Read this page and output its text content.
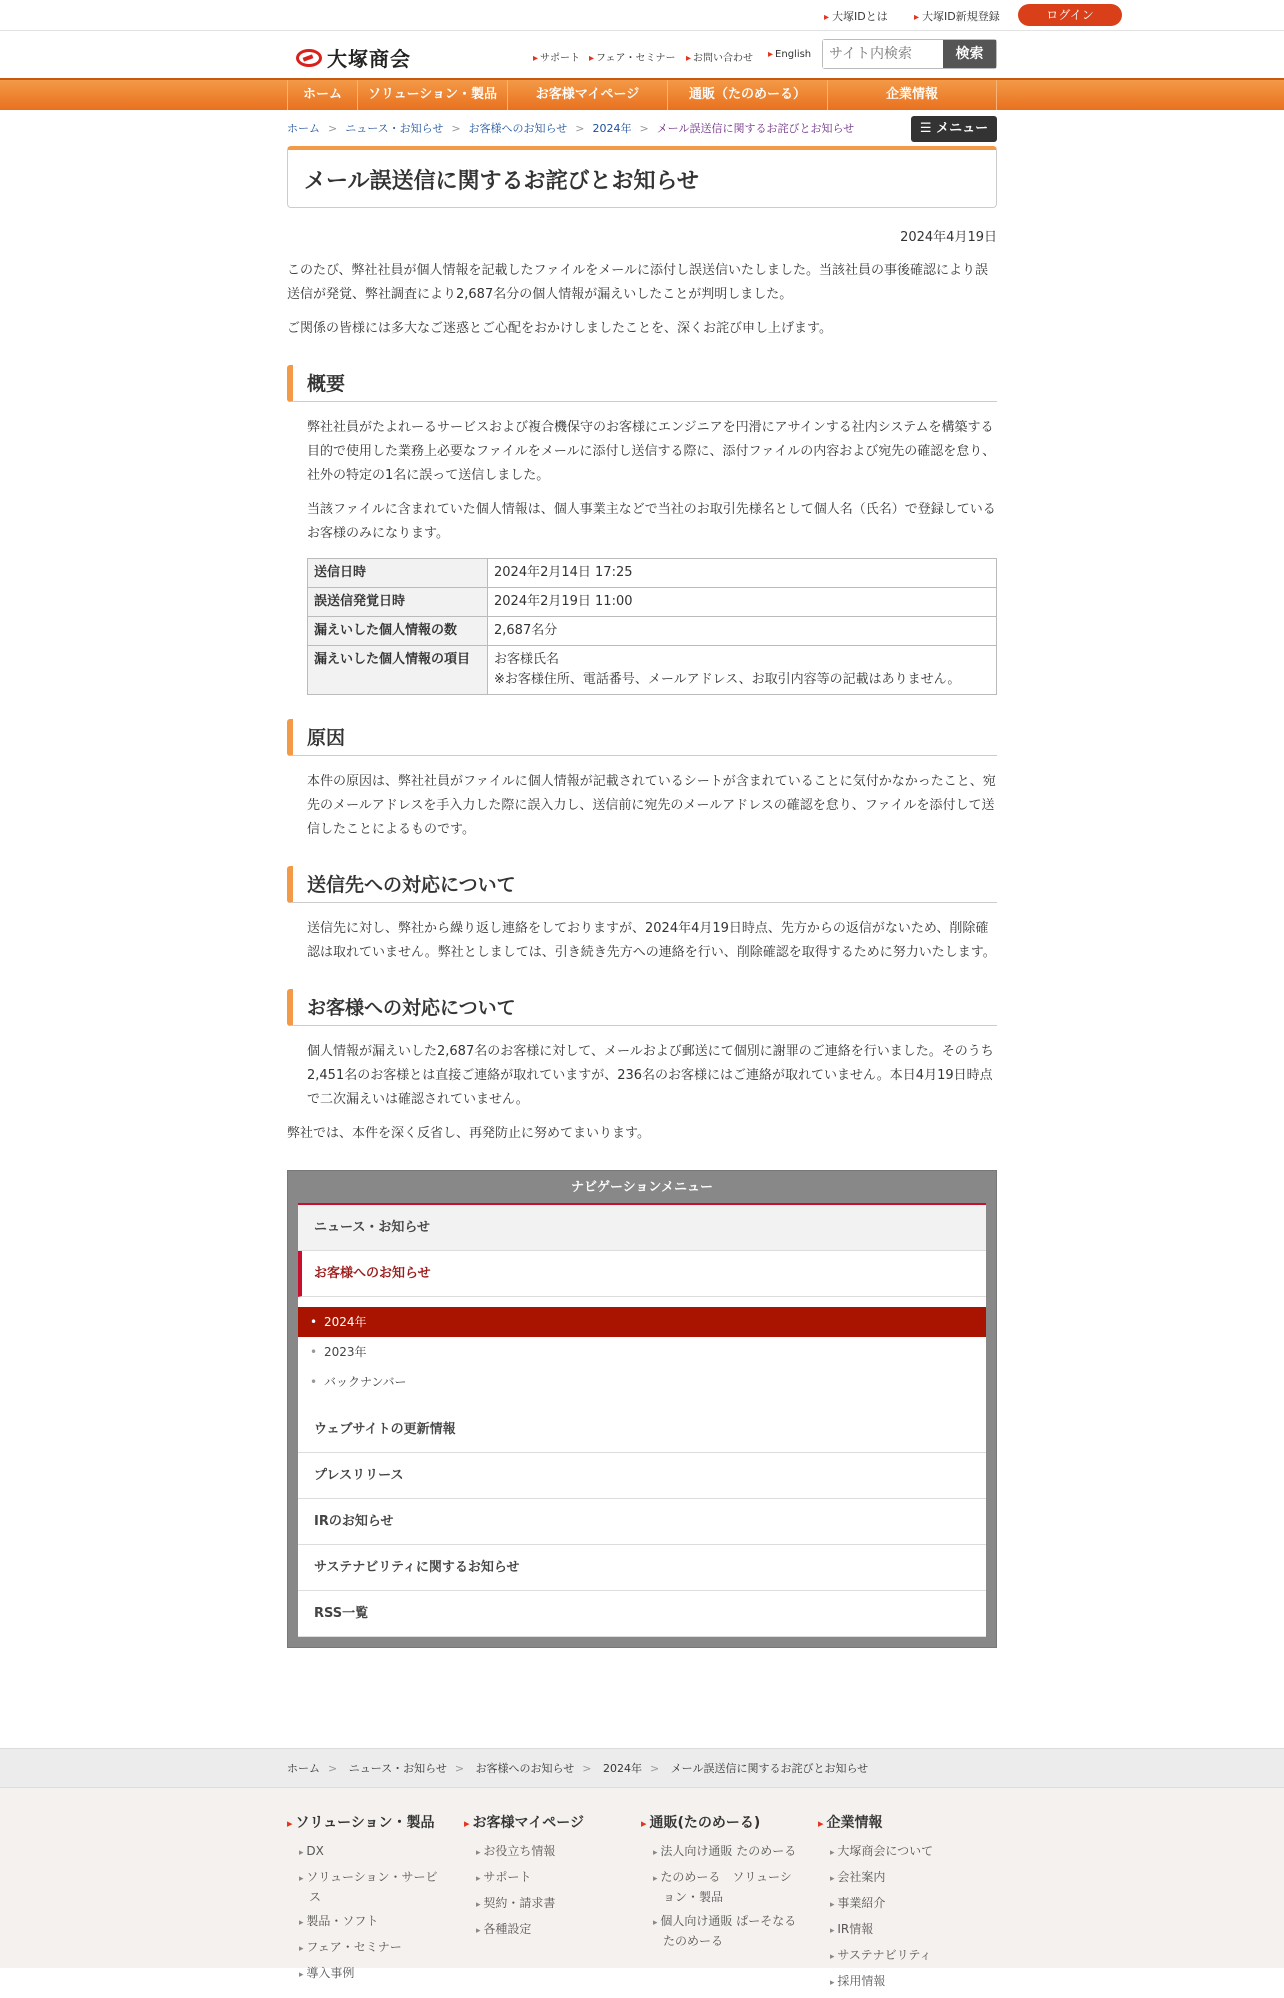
▸ 大塚IDとは	▸ 大塚ID新規登録	ログイン
大塚商会	▸ サポート	▸ フェア・セミナー	▸ お問い合わせ	▸ English
サイト内検索	検索
ホーム	ソリューション・製品	お客様マイページ	通販（たのめーる）	企業情報
ホーム > ニュース・お知らせ > お客様へのお知らせ > 2024年 > メール誤送信に関するお詫びとお知らせ	☰ メニュー
メール誤送信に関するお詫びとお知らせ
2024年4月19日

このたび、弊社社員が個人情報を記載したファイルをメールに添付し誤送信いたしました。当該社員の事後確認により誤送信が発覚、弊社調査により2,687名分の個人情報が漏えいしたことが判明しました。

ご関係の皆様には多大なご迷惑とご心配をおかけしましたことを、深くお詫び申し上げます。

概要

弊社社員がたよれーるサービスおよび複合機保守のお客様にエンジニアを円滑にアサインする社内システムを構築する目的で使用した業務上必要なファイルをメールに添付し送信する際に、添付ファイルの内容および宛先の確認を怠り、社外の特定の1名に誤って送信しました。

当該ファイルに含まれていた個人情報は、個人事業主などで当社のお取引先様名として個人名（氏名）で登録しているお客様のみになります。

送信日時	2024年2月14日 17:25
誤送信発覚日時	2024年2月19日 11:00
漏えいした個人情報の数	2,687名分
漏えいした個人情報の項目	お客様氏名
※お客様住所、電話番号、メールアドレス、お取引内容等の記載はありません。
原因

本件の原因は、弊社社員がファイルに個人情報が記載されているシートが含まれていることに気付かなかったこと、宛先のメールアドレスを手入力した際に誤入力し、送信前に宛先のメールアドレスの確認を怠り、ファイルを添付して送信したことによるものです。

送信先への対応について

送信先に対し、弊社から繰り返し連絡をしておりますが、2024年4月19日時点、先方からの返信がないため、削除確認は取れていません。弊社としましては、引き続き先方への連絡を行い、削除確認を取得するために努力いたします。

お客様への対応について

個人情報が漏えいした2,687名のお客様に対して、メールおよび郵送にて個別に謝罪のご連絡を行いました。そのうち2,451名のお客様とは直接ご連絡が取れていますが、236名のお客様にはご連絡が取れていません。本日4月19日時点で二次漏えいは確認されていません。

弊社では、本件を深く反省し、再発防止に努めてまいります。

ナビゲーションメニュー
ニュース・お知らせ
お客様へのお知らせ
• 2024年
• 2023年
• バックナンバー
ウェブサイトの更新情報
プレスリリース
IRのお知らせ
サステナビリティに関するお知らせ
RSS一覧
ホーム > ニュース・お知らせ > お客様へのお知らせ > 2024年 > メール誤送信に関するお詫びとお知らせ
▸ ソリューション・製品
▸ DX
▸ ソリューション・サービス
▸ 製品・ソフト
▸ フェア・セミナー
▸ 導入事例
▸ お客様マイページ
▸ お役立ち情報
▸ サポート
▸ 契約・請求書
▸ 各種設定
▸ 通販(たのめーる)
▸ 法人向け通販 たのめーる
▸ たのめーる　ソリューション・製品
▸ 個人向け通販 ぱーそなるたのめーる
▸ 企業情報
▸ 大塚商会について
▸ 会社案内
▸ 事業紹介
▸ IR情報
▸ サステナビリティ
▸ 採用情報
